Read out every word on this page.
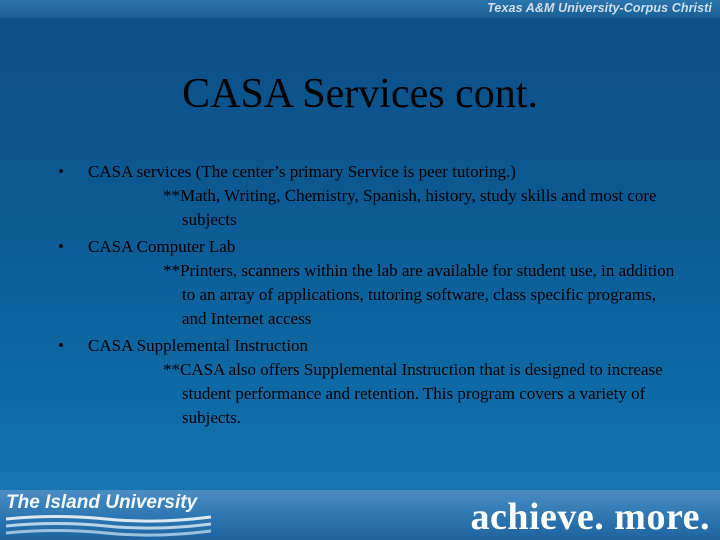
Texas A&M University-Corpus Christi
CASA Services cont.
• CASA services (The center’s primary Service is peer tutoring.)
**Math, Writing, Chemistry, Spanish, history, study skills and most core subjects
• CASA Computer Lab
**Printers, scanners within the lab are available for student use, in addition to an array of applications, tutoring software, class specific programs, and Internet access
• CASA Supplemental Instruction
**CASA also offers Supplemental Instruction that is designed to increase student performance and retention. This program covers a variety of subjects.
The Island University	achieve. more.
